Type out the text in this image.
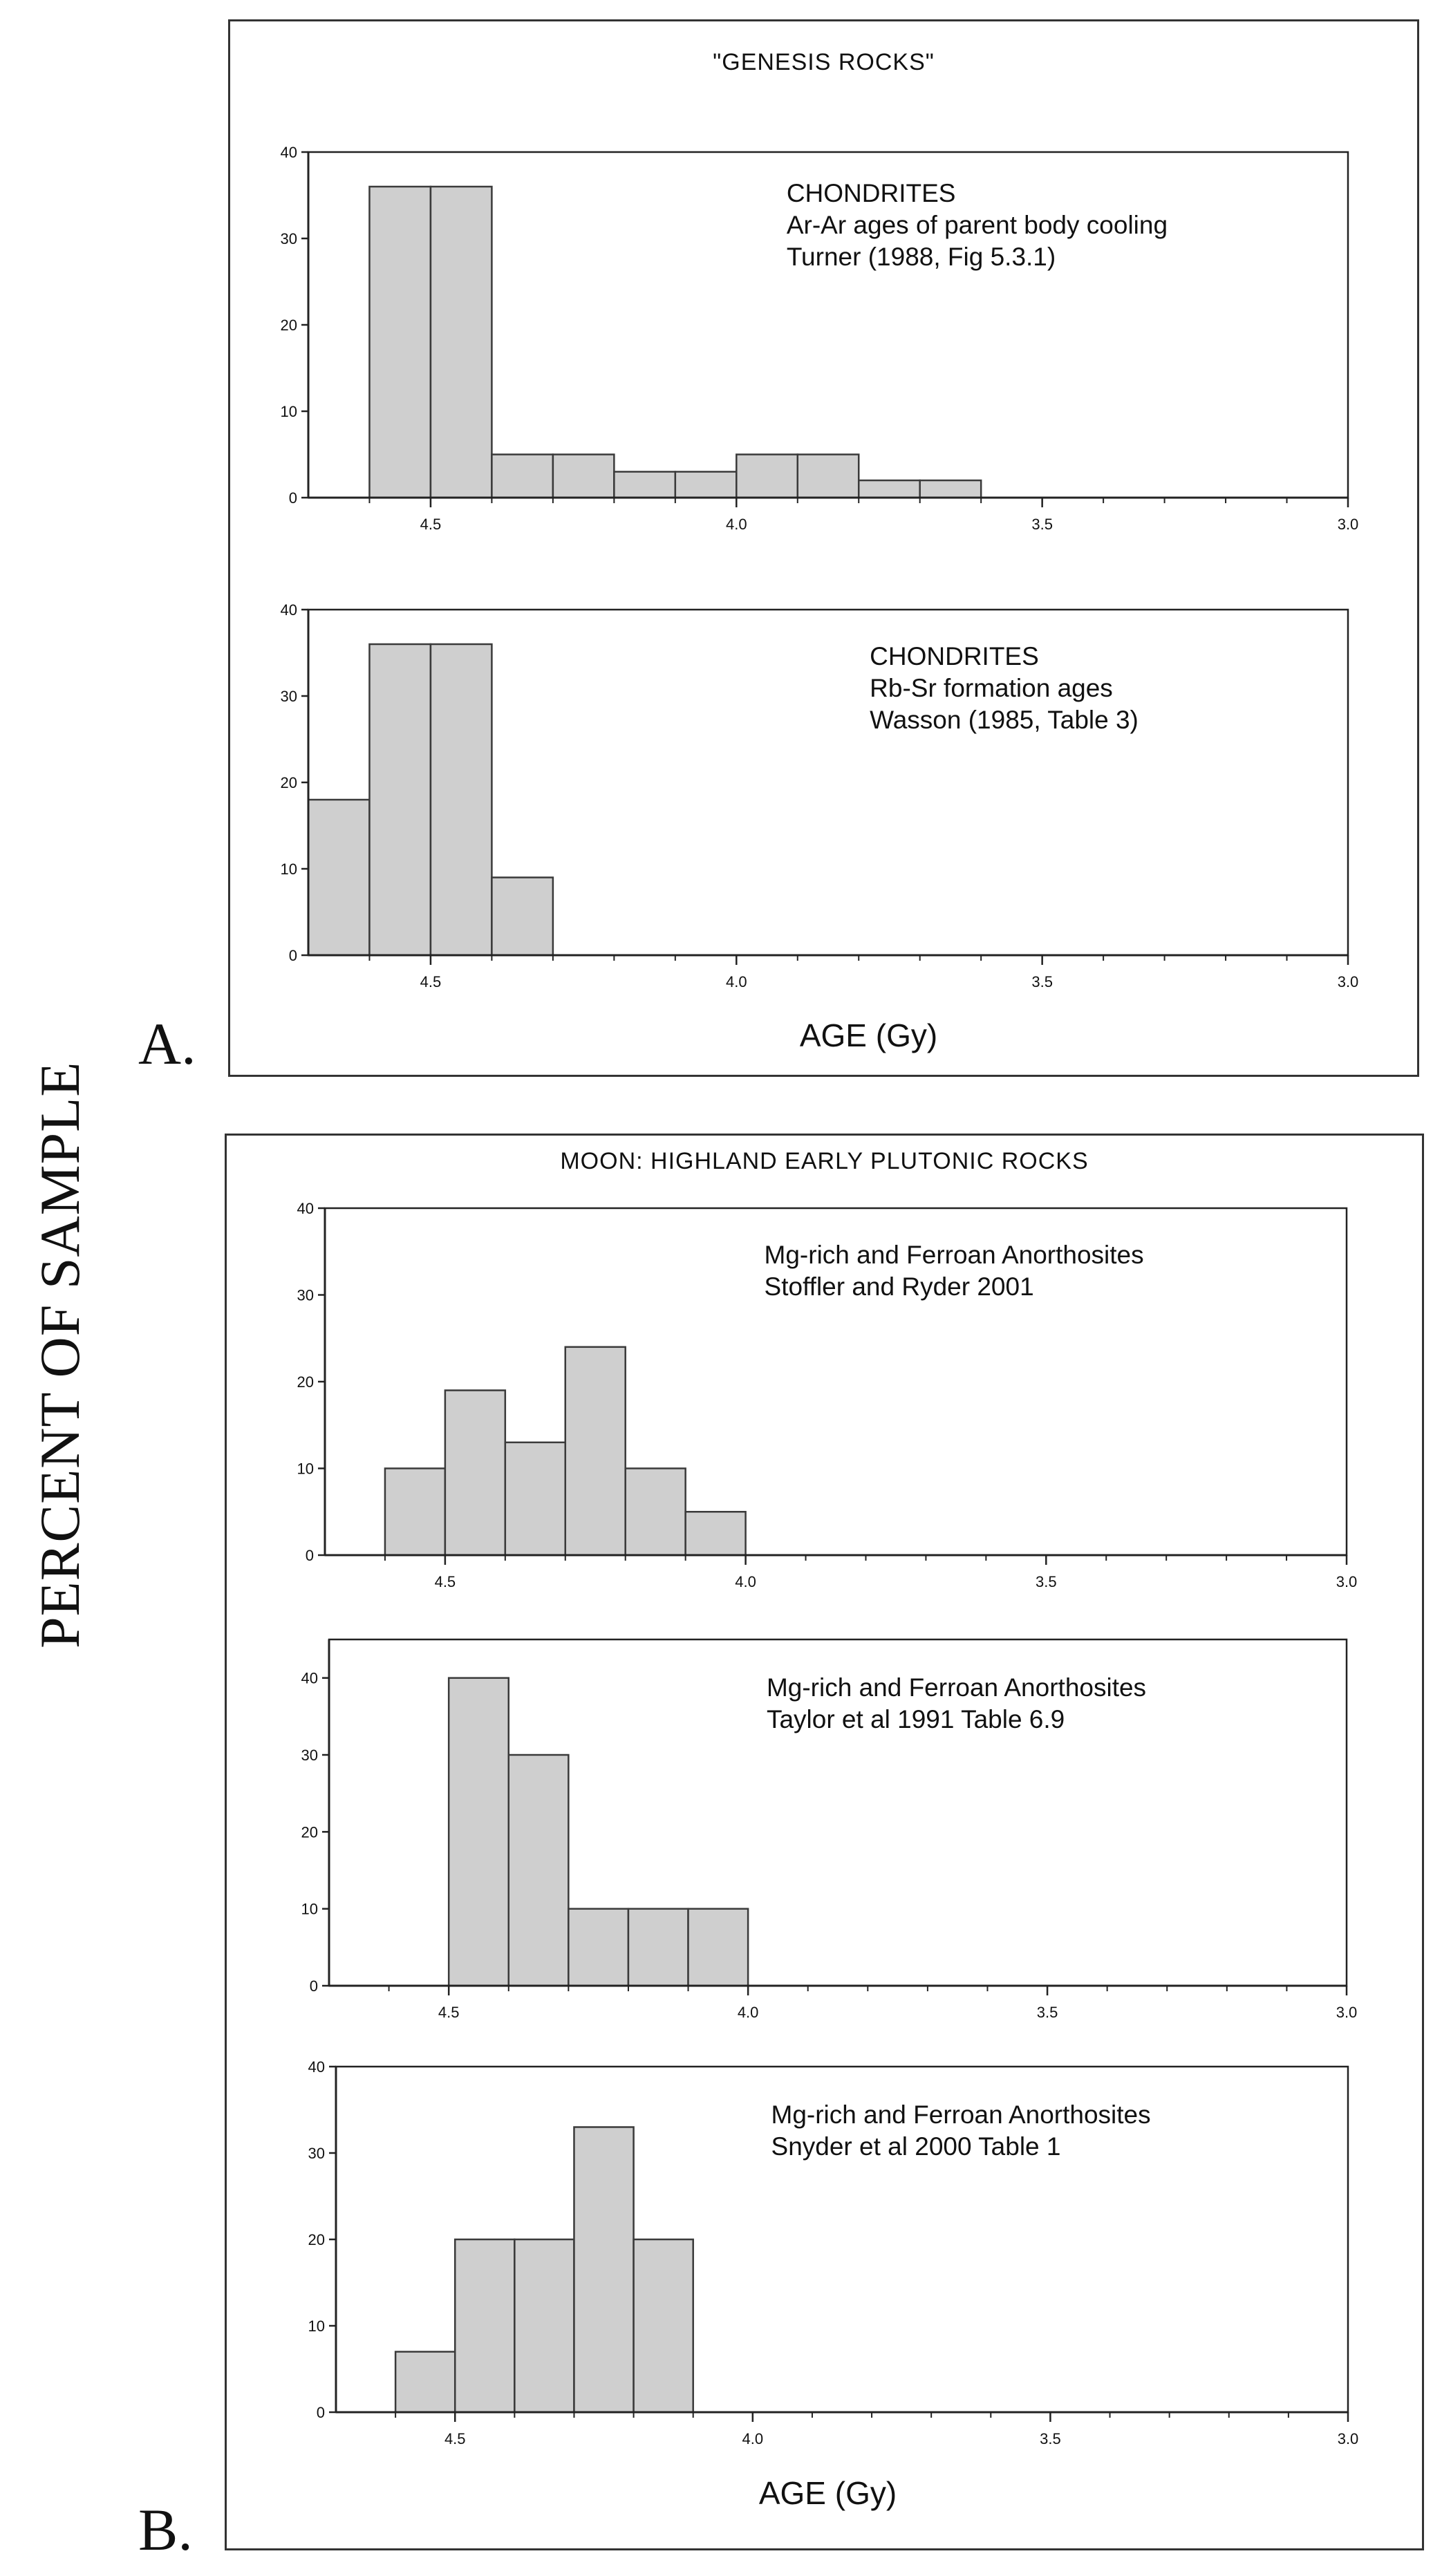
PERCENT OF SAMPLE
A.
B.
"GENESIS ROCKS"
AGE (Gy)
MOON: HIGHLAND EARLY PLUTONIC ROCKS
AGE (Gy)
0
10
20
30
40
4.5	4.0	3.5	3.0
CHONDRITES
Ar-Ar ages of parent body cooling
Turner (1988, Fig 5.3.1)
0
10
20
30
40
4.5	4.0	3.5	3.0
CHONDRITES
Rb-Sr formation ages
Wasson (1985, Table 3)
0
10
20
30
40
4.5	4.0	3.5	3.0
Mg-rich and Ferroan Anorthosites
Stoffler and Ryder 2001
0
10
20
30
40
4.5	4.0	3.5	3.0
Mg-rich and Ferroan Anorthosites
Taylor et al 1991 Table 6.9
0
10
20
30
40
4.5	4.0	3.5	3.0
Mg-rich and Ferroan Anorthosites
Snyder et al 2000 Table 1
